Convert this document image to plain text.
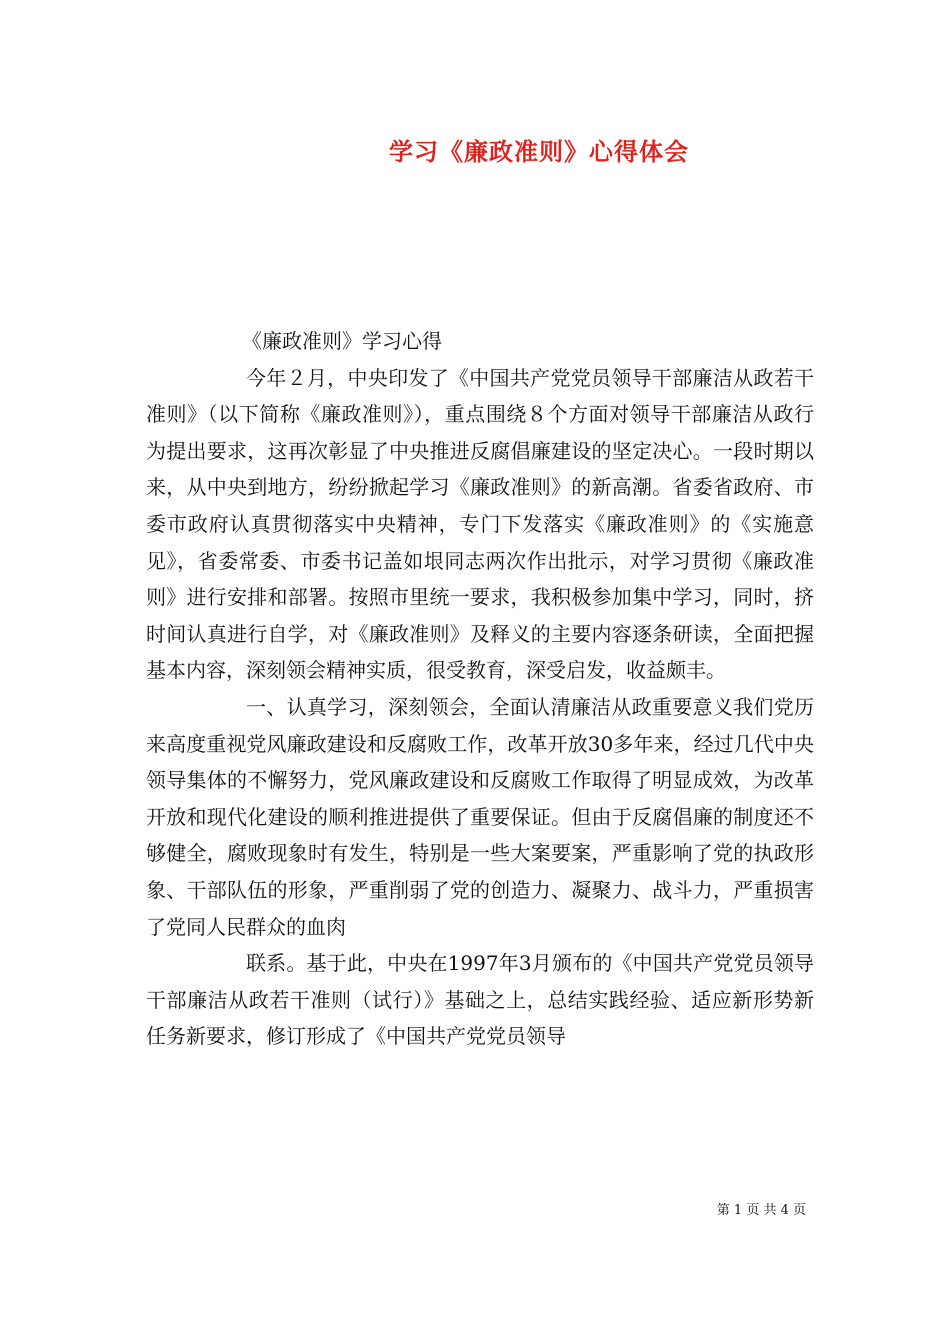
学习《廉政准则》心得体会

《廉政准则》学习心得

今年２月，中央印发了《中国共产党党员领导干部廉洁从政若干准则》（以下简称《廉政准则》），重点围绕８个方面对领导干部廉洁从政行为提出要求，这再次彰显了中央推进反腐倡廉建设的坚定决心。一段时期以来，从中央到地方，纷纷掀起学习《廉政准则》的新高潮。省委省政府、市委市政府认真贯彻落实中央精神，专门下发落实《廉政准则》的《实施意见》，省委常委、市委书记盖如垠同志两次作出批示，对学习贯彻《廉政准则》进行安排和部署。按照市里统一要求，我积极参加集中学习，同时，挤时间认真进行自学，对《廉政准则》及释义的主要内容逐条研读，全面把握基本内容，深刻领会精神实质，很受教育，深受启发，收益颇丰。

一、认真学习，深刻领会，全面认清廉洁从政重要意义我们党历来高度重视党风廉政建设和反腐败工作，改革开放30多年来，经过几代中央领导集体的不懈努力，党风廉政建设和反腐败工作取得了明显成效，为改革开放和现代化建设的顺利推进提供了重要保证。但由于反腐倡廉的制度还不够健全，腐败现象时有发生，特别是一些大案要案，严重影响了党的执政形象、干部队伍的形象，严重削弱了党的创造力、凝聚力、战斗力，严重损害了党同人民群众的血肉

联系。基于此，中央在1997年3月颁布的《中国共产党党员领导干部廉洁从政若干准则（试行）》基础之上，总结实践经验、适应新形势新任务新要求，修订形成了《中国共产党党员领导

第 1 页 共 4 页
